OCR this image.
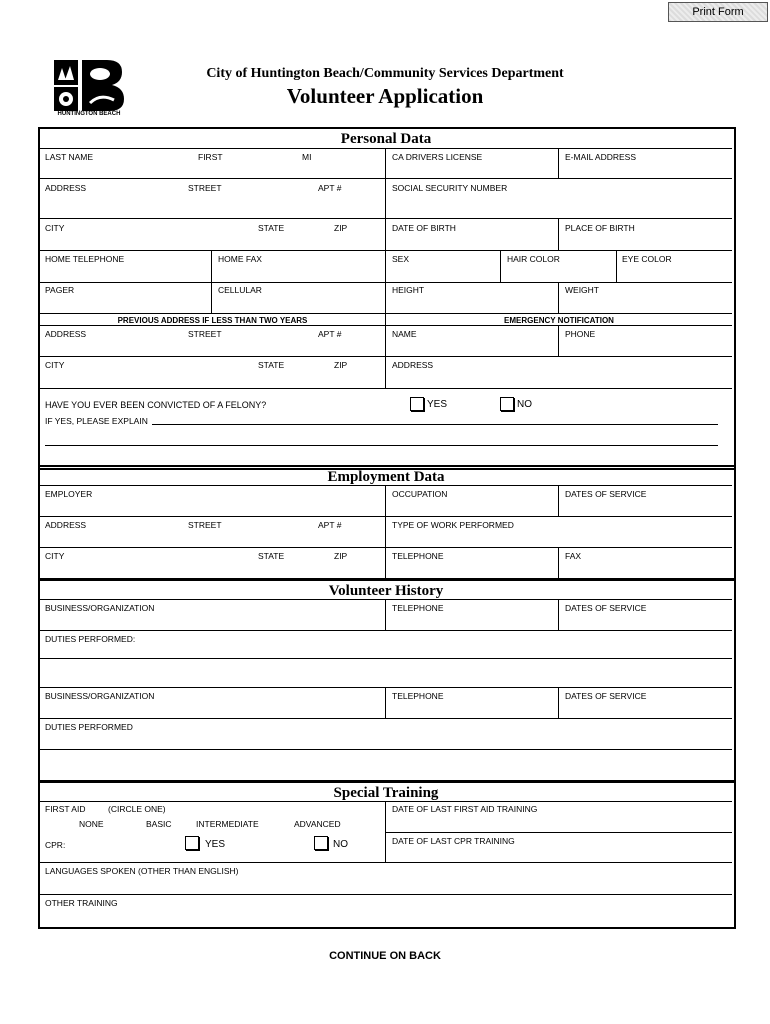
Print Form
HUNTINGTON BEACH
City of Huntington Beach/Community Services Department
Volunteer Application
Personal Data
LAST NAME	FIRST	MI	CA DRIVERS LICENSE	E-MAIL ADDRESS
ADDRESS	STREET	APT #	SOCIAL SECURITY NUMBER
CITY	STATE	ZIP	DATE OF BIRTH	PLACE OF BIRTH
HOME TELEPHONE	HOME FAX	SEX	HAIR COLOR	EYE COLOR
PAGER	CELLULAR	HEIGHT	WEIGHT
PREVIOUS ADDRESS IF LESS THAN TWO YEARS	EMERGENCY NOTIFICATION
ADDRESS	STREET	APT #	NAME	PHONE
CITY	STATE	ZIP	ADDRESS
HAVE YOU EVER BEEN CONVICTED OF A FELONY?	YES	NO
IF YES, PLEASE EXPLAIN
Employment Data
EMPLOYER	OCCUPATION	DATES OF SERVICE
ADDRESS	STREET	APT #	TYPE OF WORK PERFORMED
CITY	STATE	ZIP	TELEPHONE	FAX
Volunteer History
BUSINESS/ORGANIZATION	TELEPHONE	DATES OF SERVICE
DUTIES PERFORMED:
BUSINESS/ORGANIZATION	TELEPHONE	DATES OF SERVICE
DUTIES PERFORMED
Special Training
FIRST AID	(CIRCLE ONE)	DATE OF LAST FIRST AID TRAINING
NONE	BASIC	INTERMEDIATE	ADVANCED
CPR:	YES	NO	DATE OF LAST CPR TRAINING
LANGUAGES SPOKEN (OTHER THAN ENGLISH)
OTHER TRAINING
CONTINUE ON BACK
